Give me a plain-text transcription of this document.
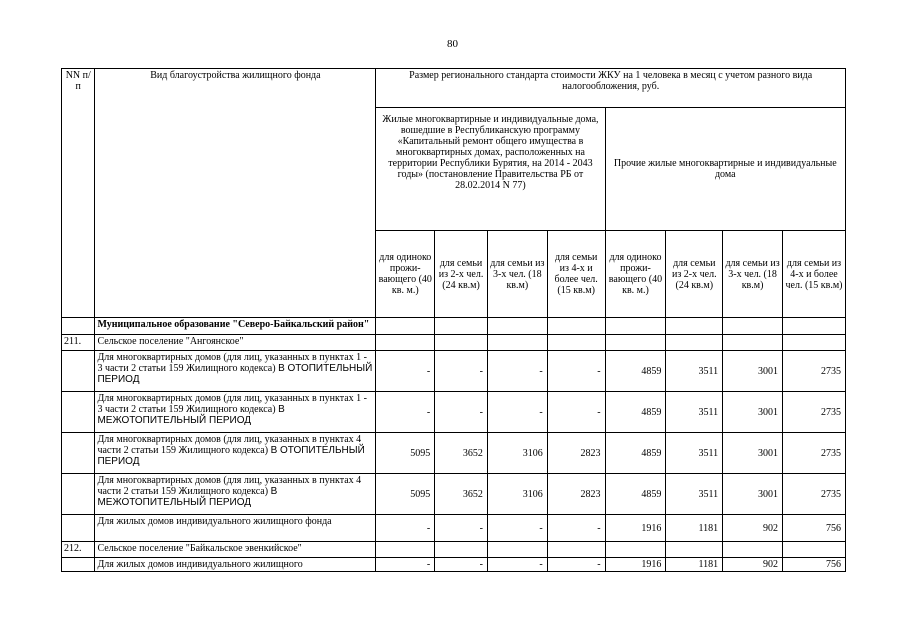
80
NN п/п	Вид благоустройства жилищного фонда	Размер регионального стандарта стоимости ЖКУ на 1 человека в месяц с учетом разного вида налогообложения, руб.							
		Жилые многоквартирные и индивидуальные дома, вошедшие в Республиканскую программу «Капитальный ремонт общего имущества в многоквартирных домах, расположенных на территории Республики Бурятия, на 2014 - 2043 годы» (постановление Правительства РБ от 28.02.2014 N 77)				Прочие жилые многоквартирные и индивидуальные дома			
		для одиноко прожи-вающего (40 кв. м.)	для семьи из 2-х чел. (24 кв.м)	для семьи из 3-х чел. (18 кв.м)	для семьи из 4-х и более чел. (15 кв.м)	для одиноко прожи-вающего (40 кв. м.)	для семьи из 2-х чел. (24 кв.м)	для семьи из 3-х чел. (18 кв.м)	для семьи из 4-х и более чел. (15 кв.м)
	Муниципальное образование "Северо-Байкальский район"								
211.	Сельское поселение "Ангоянское"								
	Для многоквартирных домов (для лиц, указанных в пунктах 1 - 3 части 2 статьи 159 Жилищного кодекса) В ОТОПИТЕЛЬНЫЙ ПЕРИОД	-	-	-	-	4859	3511	3001	2735
	Для многоквартирных домов (для лиц, указанных в пунктах 1 - 3 части 2 статьи 159 Жилищного кодекса) В МЕЖОТОПИТЕЛЬНЫЙ ПЕРИОД	-	-	-	-	4859	3511	3001	2735
	Для многоквартирных домов (для лиц, указанных в пунктах 4 части 2 статьи 159 Жилищного кодекса) В ОТОПИТЕЛЬНЫЙ ПЕРИОД	5095	3652	3106	2823	4859	3511	3001	2735
	Для многоквартирных домов (для лиц, указанных в пунктах 4 части 2 статьи 159 Жилищного кодекса) В МЕЖОТОПИТЕЛЬНЫЙ ПЕРИОД	5095	3652	3106	2823	4859	3511	3001	2735
	Для жилых домов индивидуального жилищного фонда	-	-	-	-	1916	1181	902	756
212.	Сельское поселение "Байкальское эвенкийское"								
	Для жилых домов индивидуального жилищного	-	-	-	-	1916	1181	902	756
